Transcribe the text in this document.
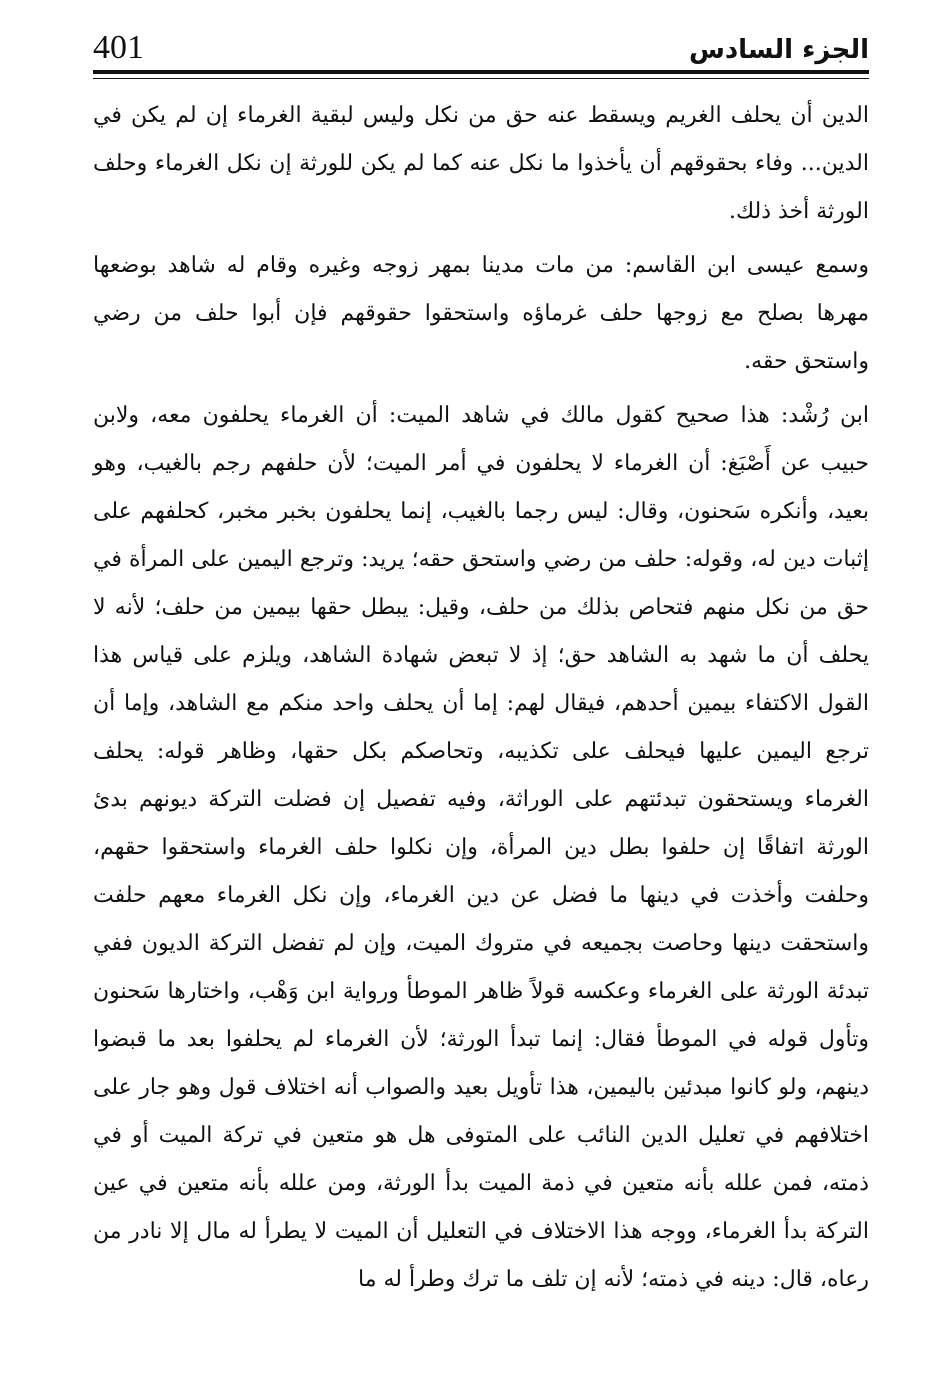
401	الجزء السادس

الدين أن يحلف الغريم ويسقط عنه حق من نكل وليس لبقية الغرماء إن لم يكن في الدين... وفاء بحقوقهم أن يأخذوا ما نكل عنه كما لم يكن للورثة إن نكل الغرماء وحلف الورثة أخذ ذلك.

وسمع عيسى ابن القاسم: من مات مدينا بمهر زوجه وغيره وقام له شاهد بوضعها مهرها بصلح مع زوجها حلف غرماؤه واستحقوا حقوقهم فإن أبوا حلف من رضي واستحق حقه.

ابن رُشْد: هذا صحيح كقول مالك في شاهد الميت: أن الغرماء يحلفون معه، ولابن حبيب عن أَصْبَغ: أن الغرماء لا يحلفون في أمر الميت؛ لأن حلفهم رجم بالغيب، وهو بعيد، وأنكره سَحنون، وقال: ليس رجما بالغيب، إنما يحلفون بخبر مخبر، كحلفهم على إثبات دين له، وقوله: حلف من رضي واستحق حقه؛ يريد: وترجع اليمين على المرأة في حق من نكل منهم فتحاص بذلك من حلف، وقيل: يبطل حقها بيمين من حلف؛ لأنه لا يحلف أن ما شهد به الشاهد حق؛ إذ لا تبعض شهادة الشاهد، ويلزم على قياس هذا القول الاكتفاء بيمين أحدهم، فيقال لهم: إما أن يحلف واحد منكم مع الشاهد، وإما أن ترجع اليمين عليها فيحلف على تكذيبه، وتحاصكم بكل حقها، وظاهر قوله: يحلف الغرماء ويستحقون تبدئتهم على الوراثة، وفيه تفصيل إن فضلت التركة ديونهم بدئ الورثة اتفاقًا إن حلفوا بطل دين المرأة، وإن نكلوا حلف الغرماء واستحقوا حقهم، وحلفت وأخذت في دينها ما فضل عن دين الغرماء، وإن نكل الغرماء معهم حلفت واستحقت دينها وحاصت بجميعه في متروك الميت، وإن لم تفضل التركة الديون ففي تبدئة الورثة على الغرماء وعكسه قولاً ظاهر الموطأ ورواية ابن وَهْب، واختارها سَحنون وتأول قوله في الموطأ فقال: إنما تبدأ الورثة؛ لأن الغرماء لم يحلفوا بعد ما قبضوا دينهم، ولو كانوا مبدئين باليمين، هذا تأويل بعيد والصواب أنه اختلاف قول وهو جار على اختلافهم في تعليل الدين النائب على المتوفى هل هو متعين في تركة الميت أو في ذمته، فمن علله بأنه متعين في ذمة الميت بدأ الورثة، ومن علله بأنه متعين في عين التركة بدأ الغرماء، ووجه هذا الاختلاف في التعليل أن الميت لا يطرأ له مال إلا نادر من رعاه، قال: دينه في ذمته؛ لأنه إن تلف ما ترك وطرأ له ما
